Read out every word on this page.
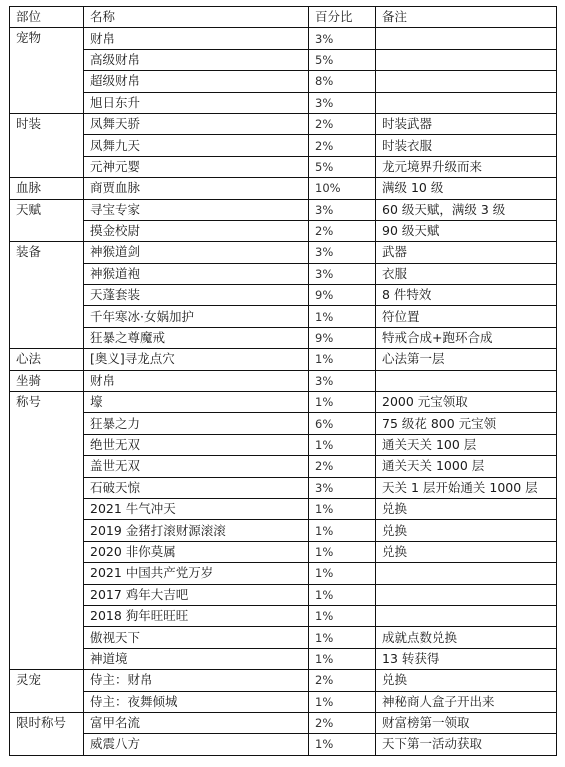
部位	名称	百分比	备注
宠物	财帛	3%	
	高级财帛	5%	
	超级财帛	8%	
	旭日东升	3%	
时装	凤舞天骄	2%	时装武器
	凤舞九天	2%	时装衣服
	元神元婴	5%	龙元境界升级而来
血脉	商贾血脉	10%	满级 10 级
天赋	寻宝专家	3%	60 级天赋，满级 3 级
	摸金校尉	2%	90 级天赋
装备	神猴道剑	3%	武器
	神猴道袍	3%	衣服
	天蓬套装	9%	8 件特效
	千年寒冰·女娲加护	1%	符位置
	狂暴之尊魔戒	9%	特戒合成+跑环合成
心法	[奥义]寻龙点穴	1%	心法第一层
坐骑	财帛	3%	
称号	壕	1%	2000 元宝领取
	狂暴之力	6%	75 级花 800 元宝领
	绝世无双	1%	通关天关 100 层
	盖世无双	2%	通关天关 1000 层
	石破天惊	3%	天关 1 层开始通关 1000 层
	2021 牛气冲天	1%	兑换
	2019 金猪打滚财源滚滚	1%	兑换
	2020 非你莫属	1%	兑换
	2021 中国共产党万岁	1%	
	2017 鸡年大吉吧	1%	
	2018 狗年旺旺旺	1%	
	傲视天下	1%	成就点数兑换
	神道境	1%	13 转获得
灵宠	侍主：财帛	2%	兑换
	侍主：夜舞倾城	1%	神秘商人盒子开出来
限时称号	富甲名流	2%	财富榜第一领取
	威震八方	1%	天下第一活动获取
